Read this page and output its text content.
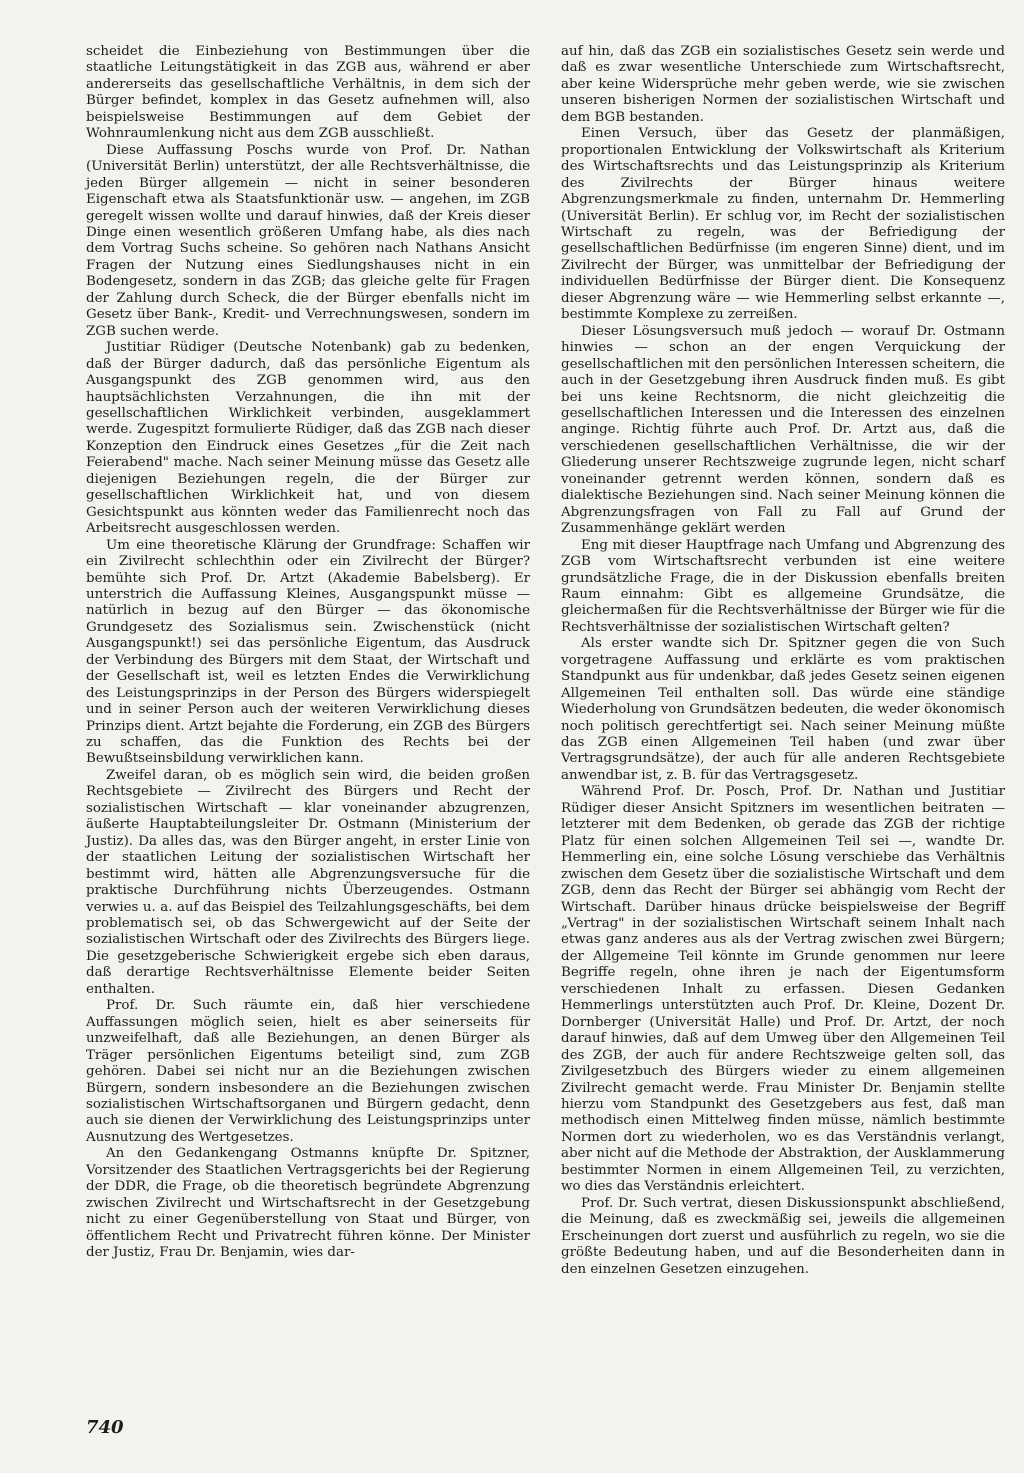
scheidet die Einbeziehung von Bestimmungen über die staatliche Leitungstätigkeit in das ZGB aus, während er aber andererseits das gesellschaftliche Verhältnis, in dem sich der Bürger befindet, komplex in das Gesetz aufnehmen will, also beispielsweise Bestimmungen auf dem Gebiet der Wohnraumlenkung nicht aus dem ZGB ausschließt.

Diese Auffassung Poschs wurde von Prof. Dr. Nathan (Universität Berlin) unterstützt, der alle Rechtsverhältnisse, die jeden Bürger allgemein — nicht in seiner besonderen Eigenschaft etwa als Staatsfunktionär usw. — angehen, im ZGB geregelt wissen wollte und darauf hinwies, daß der Kreis dieser Dinge einen wesentlich größeren Umfang habe, als dies nach dem Vortrag Suchs scheine. So gehören nach Nathans Ansicht Fragen der Nutzung eines Siedlungshauses nicht in ein Bodengesetz, sondern in das ZGB; das gleiche gelte für Fragen der Zahlung durch Scheck, die der Bürger ebenfalls nicht im Gesetz über Bank-, Kredit- und Verrechnungswesen, sondern im ZGB suchen werde.

Justitiar Rüdiger (Deutsche Notenbank) gab zu bedenken, daß der Bürger dadurch, daß das persönliche Eigentum als Ausgangspunkt des ZGB genommen wird, aus den hauptsächlichsten Verzahnungen, die ihn mit der gesellschaftlichen Wirklichkeit verbinden, ausgeklammert werde. Zugespitzt formulierte Rüdiger, daß das ZGB nach dieser Konzeption den Eindruck eines Gesetzes „für die Zeit nach Feierabend" mache. Nach seiner Meinung müsse das Gesetz alle diejenigen Beziehungen regeln, die der Bürger zur gesellschaftlichen Wirklichkeit hat, und von diesem Gesichtspunkt aus könnten weder das Familienrecht noch das Arbeitsrecht ausgeschlossen werden.

Um eine theoretische Klärung der Grundfrage: Schaffen wir ein Zivilrecht schlechthin oder ein Zivilrecht der Bürger? bemühte sich Prof. Dr. Artzt (Akademie Babelsberg). Er unterstrich die Auffassung Kleines, Ausgangspunkt müsse — natürlich in bezug auf den Bürger — das ökonomische Grundgesetz des Sozialismus sein. Zwischenstück (nicht Ausgangspunkt!) sei das persönliche Eigentum, das Ausdruck der Verbindung des Bürgers mit dem Staat, der Wirtschaft und der Gesellschaft ist, weil es letzten Endes die Verwirklichung des Leistungsprinzips in der Person des Bürgers widerspiegelt und in seiner Person auch der weiteren Verwirklichung dieses Prinzips dient. Artzt bejahte die Forderung, ein ZGB des Bürgers zu schaffen, das die Funktion des Rechts bei der Bewußtseinsbildung verwirklichen kann.

Zweifel daran, ob es möglich sein wird, die beiden großen Rechtsgebiete — Zivilrecht des Bürgers und Recht der sozialistischen Wirtschaft — klar voneinander abzugrenzen, äußerte Hauptabteilungsleiter Dr. Ostmann (Ministerium der Justiz). Da alles das, was den Bürger angeht, in erster Linie von der staatlichen Leitung der sozialistischen Wirtschaft her bestimmt wird, hätten alle Abgrenzungsversuche für die praktische Durchführung nichts Überzeugendes. Ostmann verwies u. a. auf das Beispiel des Teilzahlungsgeschäfts, bei dem problematisch sei, ob das Schwergewicht auf der Seite der sozialistischen Wirtschaft oder des Zivilrechts des Bürgers liege. Die gesetzgeberische Schwierigkeit ergebe sich eben daraus, daß derartige Rechtsverhältnisse Elemente beider Seiten enthalten.

Prof. Dr. Such räumte ein, daß hier verschiedene Auffassungen möglich seien, hielt es aber seinerseits für unzweifelhaft, daß alle Beziehungen, an denen Bürger als Träger persönlichen Eigentums beteiligt sind, zum ZGB gehören. Dabei sei nicht nur an die Beziehungen zwischen Bürgern, sondern insbesondere an die Beziehungen zwischen sozialistischen Wirtschaftsorganen und Bürgern gedacht, denn auch sie dienen der Verwirklichung des Leistungsprinzips unter Ausnutzung des Wertgesetzes.

An den Gedankengang Ostmanns knüpfte Dr. Spitzner, Vorsitzender des Staatlichen Vertragsgerichts bei der Regierung der DDR, die Frage, ob die theoretisch begründete Abgrenzung zwischen Zivilrecht und Wirtschaftsrecht in der Gesetzgebung nicht zu einer Gegenüberstellung von Staat und Bürger, von öffentlichem Recht und Privatrecht führen könne. Der Minister der Justiz, Frau Dr. Benjamin, wies dar-

auf hin, daß das ZGB ein sozialistisches Gesetz sein werde und daß es zwar wesentliche Unterschiede zum Wirtschaftsrecht, aber keine Widersprüche mehr geben werde, wie sie zwischen unseren bisherigen Normen der sozialistischen Wirtschaft und dem BGB bestanden.

Einen Versuch, über das Gesetz der planmäßigen, proportionalen Entwicklung der Volkswirtschaft als Kriterium des Wirtschaftsrechts und das Leistungsprinzip als Kriterium des Zivilrechts der Bürger hinaus weitere Abgrenzungsmerkmale zu finden, unternahm Dr. Hemmerling (Universität Berlin). Er schlug vor, im Recht der sozialistischen Wirtschaft zu regeln, was der Befriedigung der gesellschaftlichen Bedürfnisse (im engeren Sinne) dient, und im Zivilrecht der Bürger, was unmittelbar der Befriedigung der individuellen Bedürfnisse der Bürger dient. Die Konsequenz dieser Abgrenzung wäre — wie Hemmerling selbst erkannte —, bestimmte Komplexe zu zerreißen.

Dieser Lösungsversuch muß jedoch — worauf Dr. Ostmann hinwies — schon an der engen Verquickung der gesellschaftlichen mit den persönlichen Interessen scheitern, die auch in der Gesetzgebung ihren Ausdruck finden muß. Es gibt bei uns keine Rechtsnorm, die nicht gleichzeitig die gesellschaftlichen Interessen und die Interessen des einzelnen anginge. Richtig führte auch Prof. Dr. Artzt aus, daß die verschiedenen gesellschaftlichen Verhältnisse, die wir der Gliederung unserer Rechtszweige zugrunde legen, nicht scharf voneinander getrennt werden können, sondern daß es dialektische Beziehungen sind. Nach seiner Meinung können die Abgrenzungsfragen von Fall zu Fall auf Grund der Zusammenhänge geklärt werden

Eng mit dieser Hauptfrage nach Umfang und Abgrenzung des ZGB vom Wirtschaftsrecht verbunden ist eine weitere grundsätzliche Frage, die in der Diskussion ebenfalls breiten Raum einnahm: Gibt es allgemeine Grundsätze, die gleichermaßen für die Rechtsverhältnisse der Bürger wie für die Rechtsverhältnisse der sozialistischen Wirtschaft gelten?

Als erster wandte sich Dr. Spitzner gegen die von Such vorgetragene Auffassung und erklärte es vom praktischen Standpunkt aus für undenkbar, daß jedes Gesetz seinen eigenen Allgemeinen Teil enthalten soll. Das würde eine ständige Wiederholung von Grundsätzen bedeuten, die weder ökonomisch noch politisch gerechtfertigt sei. Nach seiner Meinung müßte das ZGB einen Allgemeinen Teil haben (und zwar über Vertragsgrundsätze), der auch für alle anderen Rechtsgebiete anwendbar ist, z. B. für das Vertragsgesetz.

Während Prof. Dr. Posch, Prof. Dr. Nathan und Justitiar Rüdiger dieser Ansicht Spitzners im wesentlichen beitraten — letzterer mit dem Bedenken, ob gerade das ZGB der richtige Platz für einen solchen Allgemeinen Teil sei —, wandte Dr. Hemmerling ein, eine solche Lösung verschiebe das Verhältnis zwischen dem Gesetz über die sozialistische Wirtschaft und dem ZGB, denn das Recht der Bürger sei abhängig vom Recht der Wirtschaft. Darüber hinaus drücke beispielsweise der Begriff „Vertrag" in der sozialistischen Wirtschaft seinem Inhalt nach etwas ganz anderes aus als der Vertrag zwischen zwei Bürgern; der Allgemeine Teil könnte im Grunde genommen nur leere Begriffe regeln, ohne ihren je nach der Eigentumsform verschiedenen Inhalt zu erfassen. Diesen Gedanken Hemmerlings unterstützten auch Prof. Dr. Kleine, Dozent Dr. Dornberger (Universität Halle) und Prof. Dr. Artzt, der noch darauf hinwies, daß auf dem Umweg über den Allgemeinen Teil des ZGB, der auch für andere Rechtszweige gelten soll, das Zivilgesetzbuch des Bürgers wieder zu einem allgemeinen Zivilrecht gemacht werde. Frau Minister Dr. Benjamin stellte hierzu vom Standpunkt des Gesetzgebers aus fest, daß man methodisch einen Mittelweg finden müsse, nämlich bestimmte Normen dort zu wiederholen, wo es das Verständnis verlangt, aber nicht auf die Methode der Abstraktion, der Ausklammerung bestimmter Normen in einem Allgemeinen Teil, zu verzichten, wo dies das Verständnis erleichtert.

Prof. Dr. Such vertrat, diesen Diskussionspunkt abschließend, die Meinung, daß es zweckmäßig sei, jeweils die allgemeinen Erscheinungen dort zuerst und ausführlich zu regeln, wo sie die größte Bedeutung haben, und auf die Besonderheiten dann in den einzelnen Gesetzen einzugehen.

740
